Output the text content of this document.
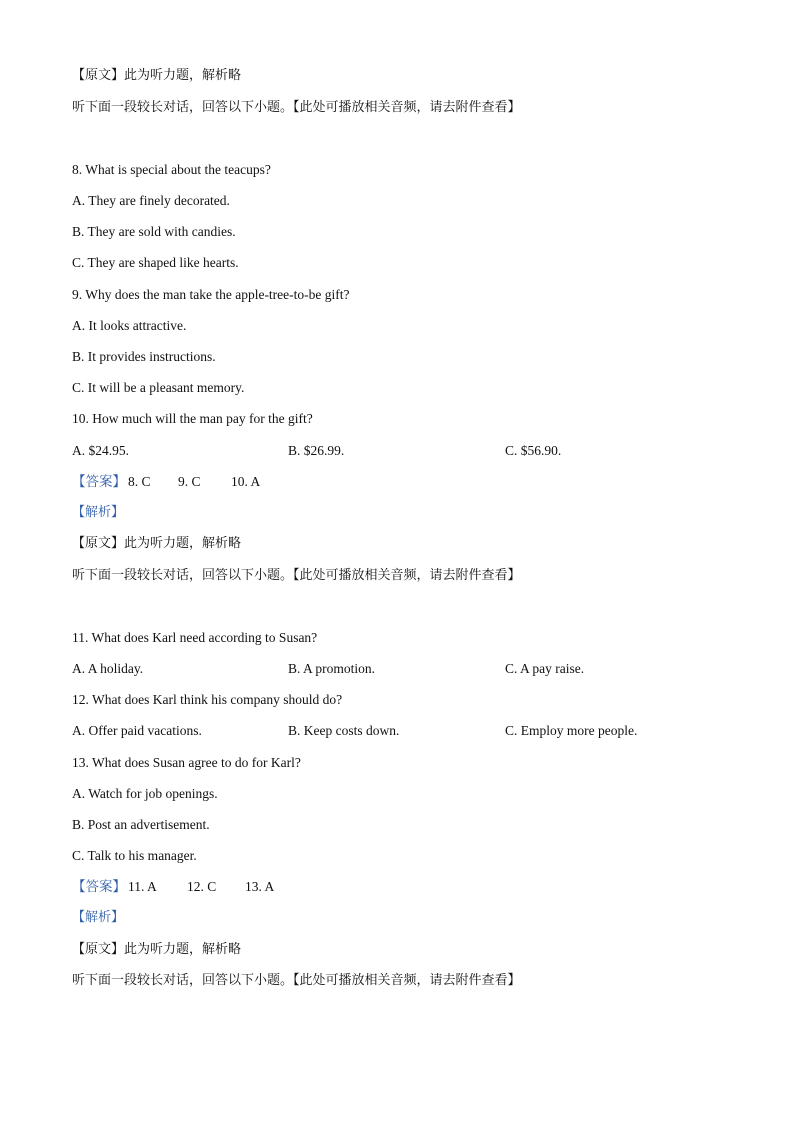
【原文】此为听力题，解析略
听下面一段较长对话，回答以下小题。【此处可播放相关音频，请去附件查看】
8. What is special about the teacups?
A. They are finely decorated.
B. They are sold with candies.
C. They are shaped like hearts.
9. Why does the man take the apple-tree-to-be gift?
A. It looks attractive.
B. It provides instructions.
C. It will be a pleasant memory.
10. How much will the man pay for the gift?
A. $24.95.	B. $26.99.	C. $56.90.
【答案】 8. C 9. C 10. A
【解析】
【原文】此为听力题，解析略
听下面一段较长对话，回答以下小题。【此处可播放相关音频，请去附件查看】
11. What does Karl need according to Susan?
A. A holiday.	B. A promotion.	C. A pay raise.
12. What does Karl think his company should do?
A. Offer paid vacations.	B. Keep costs down.	C. Employ more people.
13. What does Susan agree to do for Karl?
A. Watch for job openings.
B. Post an advertisement.
C. Talk to his manager.
【答案】 11. A 12. C 13. A
【解析】
【原文】此为听力题，解析略
听下面一段较长对话，回答以下小题。【此处可播放相关音频，请去附件查看】
